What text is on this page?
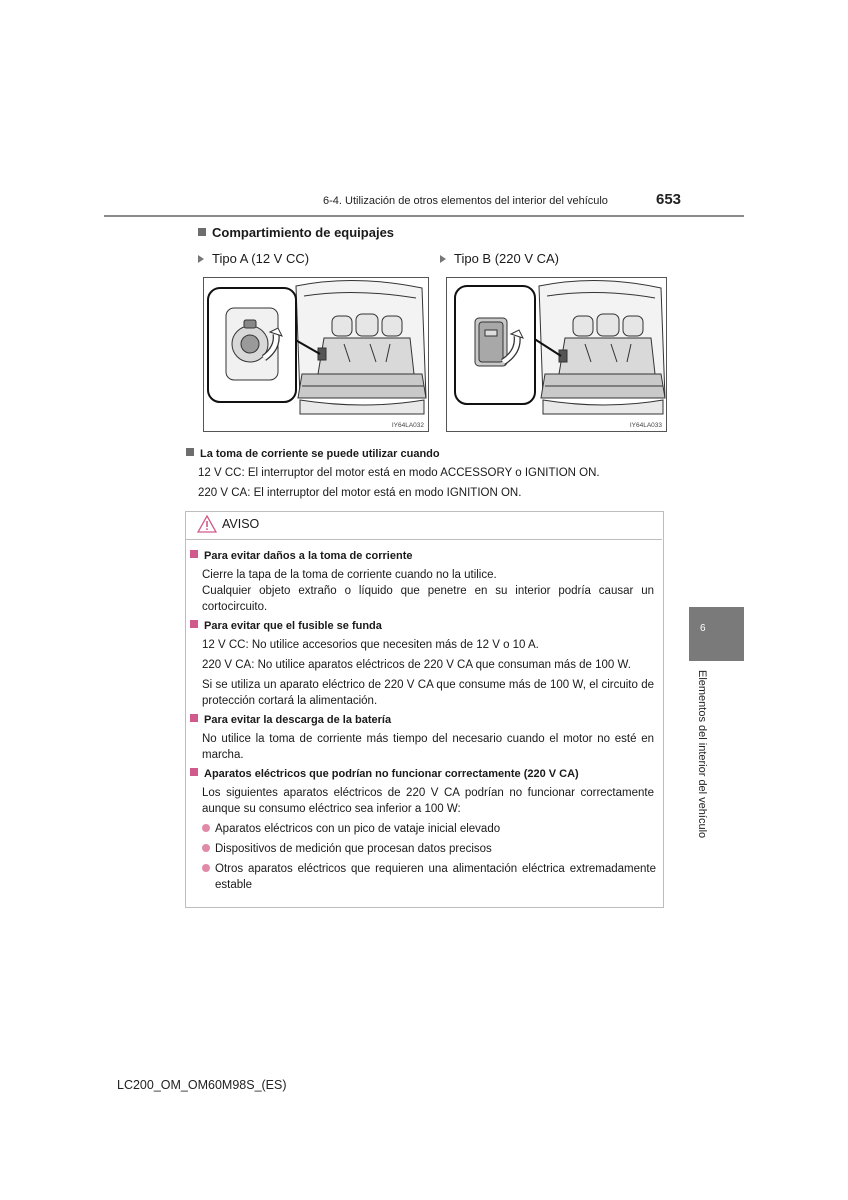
6-4. Utilización de otros elementos del interior del vehículo	653
Compartimiento de equipajes
Tipo A (12 V CC)	Tipo B (220 V CA)
IY64LA032	IY64LA033
La toma de corriente se puede utilizar cuando
12 V CC: El interruptor del motor está en modo ACCESSORY o IGNITION ON.
220 V CA: El interruptor del motor está en modo IGNITION ON.
AVISO
Para evitar daños a la toma de corriente
Cierre la tapa de la toma de corriente cuando no la utilice.
Cualquier objeto extraño o líquido que penetre en su interior podría causar un cortocircuito.
Para evitar que el fusible se funda
12 V CC: No utilice accesorios que necesiten más de 12 V o 10 A.
220 V CA: No utilice aparatos eléctricos de 220 V CA que consuman más de 100 W.
Si se utiliza un aparato eléctrico de 220 V CA que consume más de 100 W, el circuito de protección cortará la alimentación.
Para evitar la descarga de la batería
No utilice la toma de corriente más tiempo del necesario cuando el motor no esté en marcha.
Aparatos eléctricos que podrían no funcionar correctamente (220 V CA)
Los siguientes aparatos eléctricos de 220 V CA podrían no funcionar correctamente aunque su consumo eléctrico sea inferior a 100 W:
Aparatos eléctricos con un pico de vataje inicial elevado
Dispositivos de medición que procesan datos precisos
Otros aparatos eléctricos que requieren una alimentación eléctrica extremadamente estable
6
Elementos del interior del vehículo
LC200_OM_OM60M98S_(ES)
